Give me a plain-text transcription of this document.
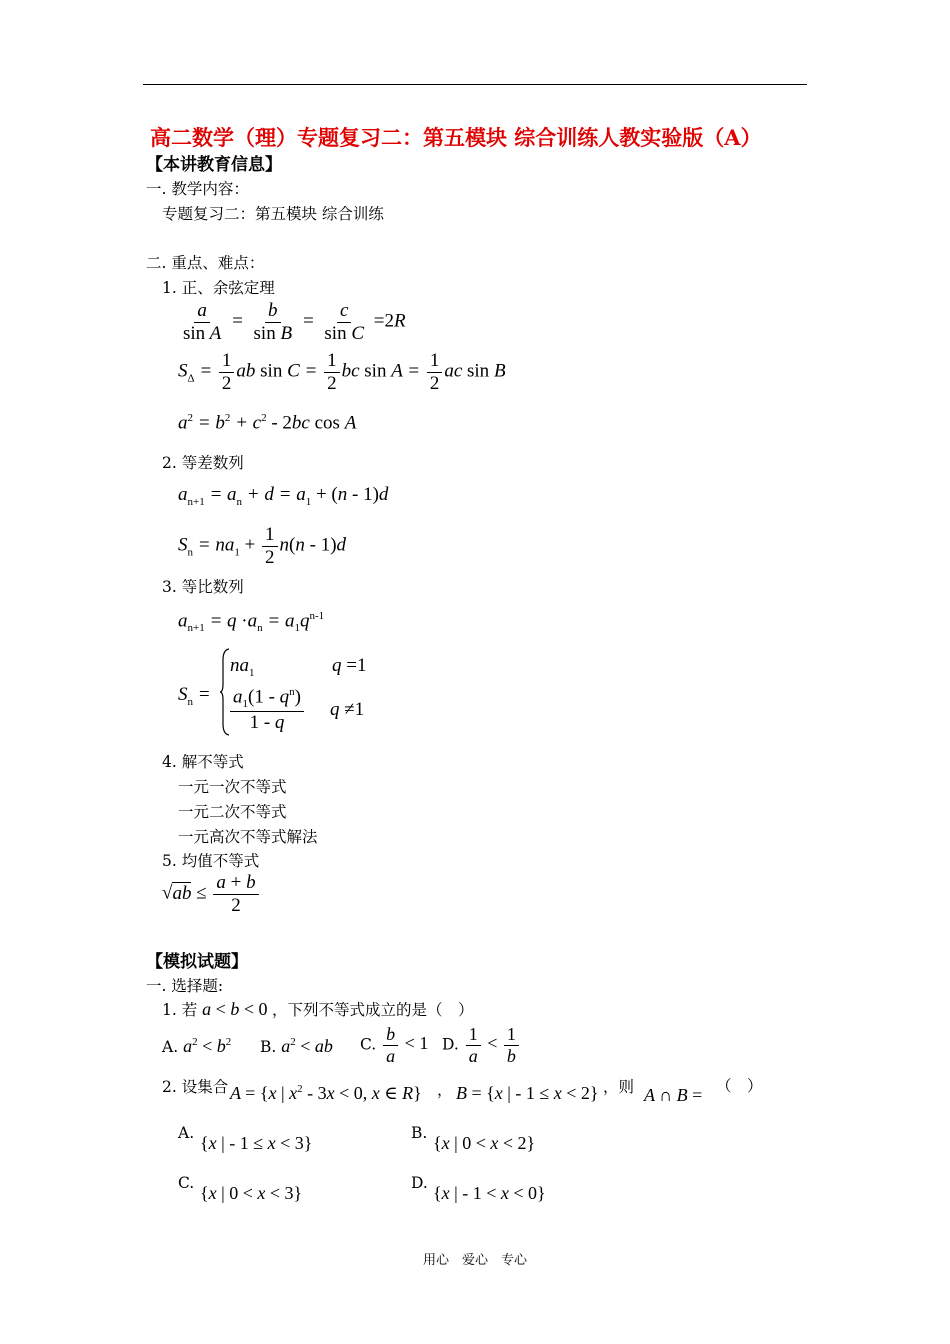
高二数学（理）专题复习二：第五模块 综合训练人教实验版（A）
【本讲教育信息】
一. 教学内容：
专题复习二：第五模块 综合训练
二. 重点、难点：
1. 正、余弦定理
$\frac{a}{\text{sin A}} = \frac{b}{\text{sin B}} = \frac{c}{\text{sin C}} =2R$
$S_\Delta = \frac{1}{2}$ ab $\sin C = \frac{1}{2}$ bc $\sin A = \frac{1}{2}$ ac sin B
$a^2 = b^2 + c^2 - 2bc$ cos A
2. 等差数列
$a_{n+1} = a_n + d = a_1 + (n - 1)d$
$S_n = na_1 + \frac{1}{2} n(n - 1)d$
3. 等比数列
$a_{n+1} = q \cdot a_n = a_1q^{n-1}$
$S_n$ =
$na_1$	q =1
$\frac{a_1(1 - q^n)}{1 - q}$ q ≠1
4. 解不等式
一元一次不等式
一元二次不等式
一元高次不等式解法
5. 均值不等式
$√ab \le \frac{a + b}{2}$
【模拟试题】
一. 选择题:
1. 若 a < b < 0 ，下列不等式成立的是（　）
A. $a^2 < b^2$ B. $a^2$ < ab C. $\frac{b}{a} < 1$ D. $\frac{1}{a} < \frac{1}{b}$
2. 设集合 A = {x | $x^2 - 3x < 0$, x ∈ R} ， B = {x | - 1 ≤ x < 2} ，则 A ∩ B = （　）
A. {x | - 1 ≤ x < 3}	B. {x | 0 < x < 2}
C. {x | 0 < x < 3}	D. {x | - 1 < x < 0}
用心　爱心　专心
